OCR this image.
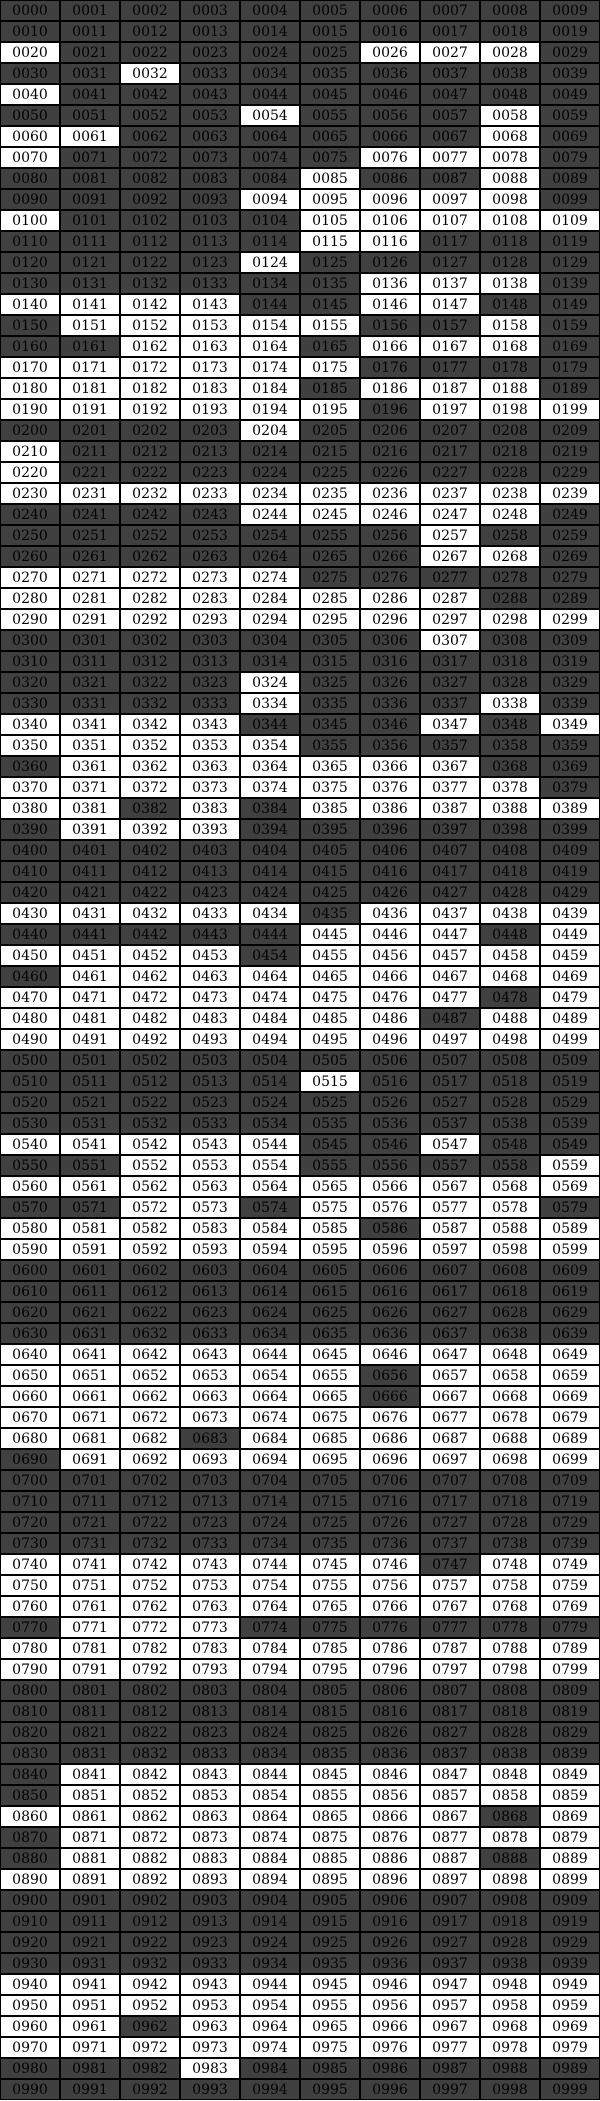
0000	0001	0002	0003	0004	0005	0006	0007	0008	0009
0010	0011	0012	0013	0014	0015	0016	0017	0018	0019
0020	0021	0022	0023	0024	0025	0026	0027	0028	0029
0030	0031	0032	0033	0034	0035	0036	0037	0038	0039
0040	0041	0042	0043	0044	0045	0046	0047	0048	0049
0050	0051	0052	0053	0054	0055	0056	0057	0058	0059
0060	0061	0062	0063	0064	0065	0066	0067	0068	0069
0070	0071	0072	0073	0074	0075	0076	0077	0078	0079
0080	0081	0082	0083	0084	0085	0086	0087	0088	0089
0090	0091	0092	0093	0094	0095	0096	0097	0098	0099
0100	0101	0102	0103	0104	0105	0106	0107	0108	0109
0110	0111	0112	0113	0114	0115	0116	0117	0118	0119
0120	0121	0122	0123	0124	0125	0126	0127	0128	0129
0130	0131	0132	0133	0134	0135	0136	0137	0138	0139
0140	0141	0142	0143	0144	0145	0146	0147	0148	0149
0150	0151	0152	0153	0154	0155	0156	0157	0158	0159
0160	0161	0162	0163	0164	0165	0166	0167	0168	0169
0170	0171	0172	0173	0174	0175	0176	0177	0178	0179
0180	0181	0182	0183	0184	0185	0186	0187	0188	0189
0190	0191	0192	0193	0194	0195	0196	0197	0198	0199
0200	0201	0202	0203	0204	0205	0206	0207	0208	0209
0210	0211	0212	0213	0214	0215	0216	0217	0218	0219
0220	0221	0222	0223	0224	0225	0226	0227	0228	0229
0230	0231	0232	0233	0234	0235	0236	0237	0238	0239
0240	0241	0242	0243	0244	0245	0246	0247	0248	0249
0250	0251	0252	0253	0254	0255	0256	0257	0258	0259
0260	0261	0262	0263	0264	0265	0266	0267	0268	0269
0270	0271	0272	0273	0274	0275	0276	0277	0278	0279
0280	0281	0282	0283	0284	0285	0286	0287	0288	0289
0290	0291	0292	0293	0294	0295	0296	0297	0298	0299
0300	0301	0302	0303	0304	0305	0306	0307	0308	0309
0310	0311	0312	0313	0314	0315	0316	0317	0318	0319
0320	0321	0322	0323	0324	0325	0326	0327	0328	0329
0330	0331	0332	0333	0334	0335	0336	0337	0338	0339
0340	0341	0342	0343	0344	0345	0346	0347	0348	0349
0350	0351	0352	0353	0354	0355	0356	0357	0358	0359
0360	0361	0362	0363	0364	0365	0366	0367	0368	0369
0370	0371	0372	0373	0374	0375	0376	0377	0378	0379
0380	0381	0382	0383	0384	0385	0386	0387	0388	0389
0390	0391	0392	0393	0394	0395	0396	0397	0398	0399
0400	0401	0402	0403	0404	0405	0406	0407	0408	0409
0410	0411	0412	0413	0414	0415	0416	0417	0418	0419
0420	0421	0422	0423	0424	0425	0426	0427	0428	0429
0430	0431	0432	0433	0434	0435	0436	0437	0438	0439
0440	0441	0442	0443	0444	0445	0446	0447	0448	0449
0450	0451	0452	0453	0454	0455	0456	0457	0458	0459
0460	0461	0462	0463	0464	0465	0466	0467	0468	0469
0470	0471	0472	0473	0474	0475	0476	0477	0478	0479
0480	0481	0482	0483	0484	0485	0486	0487	0488	0489
0490	0491	0492	0493	0494	0495	0496	0497	0498	0499
0500	0501	0502	0503	0504	0505	0506	0507	0508	0509
0510	0511	0512	0513	0514	0515	0516	0517	0518	0519
0520	0521	0522	0523	0524	0525	0526	0527	0528	0529
0530	0531	0532	0533	0534	0535	0536	0537	0538	0539
0540	0541	0542	0543	0544	0545	0546	0547	0548	0549
0550	0551	0552	0553	0554	0555	0556	0557	0558	0559
0560	0561	0562	0563	0564	0565	0566	0567	0568	0569
0570	0571	0572	0573	0574	0575	0576	0577	0578	0579
0580	0581	0582	0583	0584	0585	0586	0587	0588	0589
0590	0591	0592	0593	0594	0595	0596	0597	0598	0599
0600	0601	0602	0603	0604	0605	0606	0607	0608	0609
0610	0611	0612	0613	0614	0615	0616	0617	0618	0619
0620	0621	0622	0623	0624	0625	0626	0627	0628	0629
0630	0631	0632	0633	0634	0635	0636	0637	0638	0639
0640	0641	0642	0643	0644	0645	0646	0647	0648	0649
0650	0651	0652	0653	0654	0655	0656	0657	0658	0659
0660	0661	0662	0663	0664	0665	0666	0667	0668	0669
0670	0671	0672	0673	0674	0675	0676	0677	0678	0679
0680	0681	0682	0683	0684	0685	0686	0687	0688	0689
0690	0691	0692	0693	0694	0695	0696	0697	0698	0699
0700	0701	0702	0703	0704	0705	0706	0707	0708	0709
0710	0711	0712	0713	0714	0715	0716	0717	0718	0719
0720	0721	0722	0723	0724	0725	0726	0727	0728	0729
0730	0731	0732	0733	0734	0735	0736	0737	0738	0739
0740	0741	0742	0743	0744	0745	0746	0747	0748	0749
0750	0751	0752	0753	0754	0755	0756	0757	0758	0759
0760	0761	0762	0763	0764	0765	0766	0767	0768	0769
0770	0771	0772	0773	0774	0775	0776	0777	0778	0779
0780	0781	0782	0783	0784	0785	0786	0787	0788	0789
0790	0791	0792	0793	0794	0795	0796	0797	0798	0799
0800	0801	0802	0803	0804	0805	0806	0807	0808	0809
0810	0811	0812	0813	0814	0815	0816	0817	0818	0819
0820	0821	0822	0823	0824	0825	0826	0827	0828	0829
0830	0831	0832	0833	0834	0835	0836	0837	0838	0839
0840	0841	0842	0843	0844	0845	0846	0847	0848	0849
0850	0851	0852	0853	0854	0855	0856	0857	0858	0859
0860	0861	0862	0863	0864	0865	0866	0867	0868	0869
0870	0871	0872	0873	0874	0875	0876	0877	0878	0879
0880	0881	0882	0883	0884	0885	0886	0887	0888	0889
0890	0891	0892	0893	0894	0895	0896	0897	0898	0899
0900	0901	0902	0903	0904	0905	0906	0907	0908	0909
0910	0911	0912	0913	0914	0915	0916	0917	0918	0919
0920	0921	0922	0923	0924	0925	0926	0927	0928	0929
0930	0931	0932	0933	0934	0935	0936	0937	0938	0939
0940	0941	0942	0943	0944	0945	0946	0947	0948	0949
0950	0951	0952	0953	0954	0955	0956	0957	0958	0959
0960	0961	0962	0963	0964	0965	0966	0967	0968	0969
0970	0971	0972	0973	0974	0975	0976	0977	0978	0979
0980	0981	0982	0983	0984	0985	0986	0987	0988	0989
0990	0991	0992	0993	0994	0995	0996	0997	0998	0999
